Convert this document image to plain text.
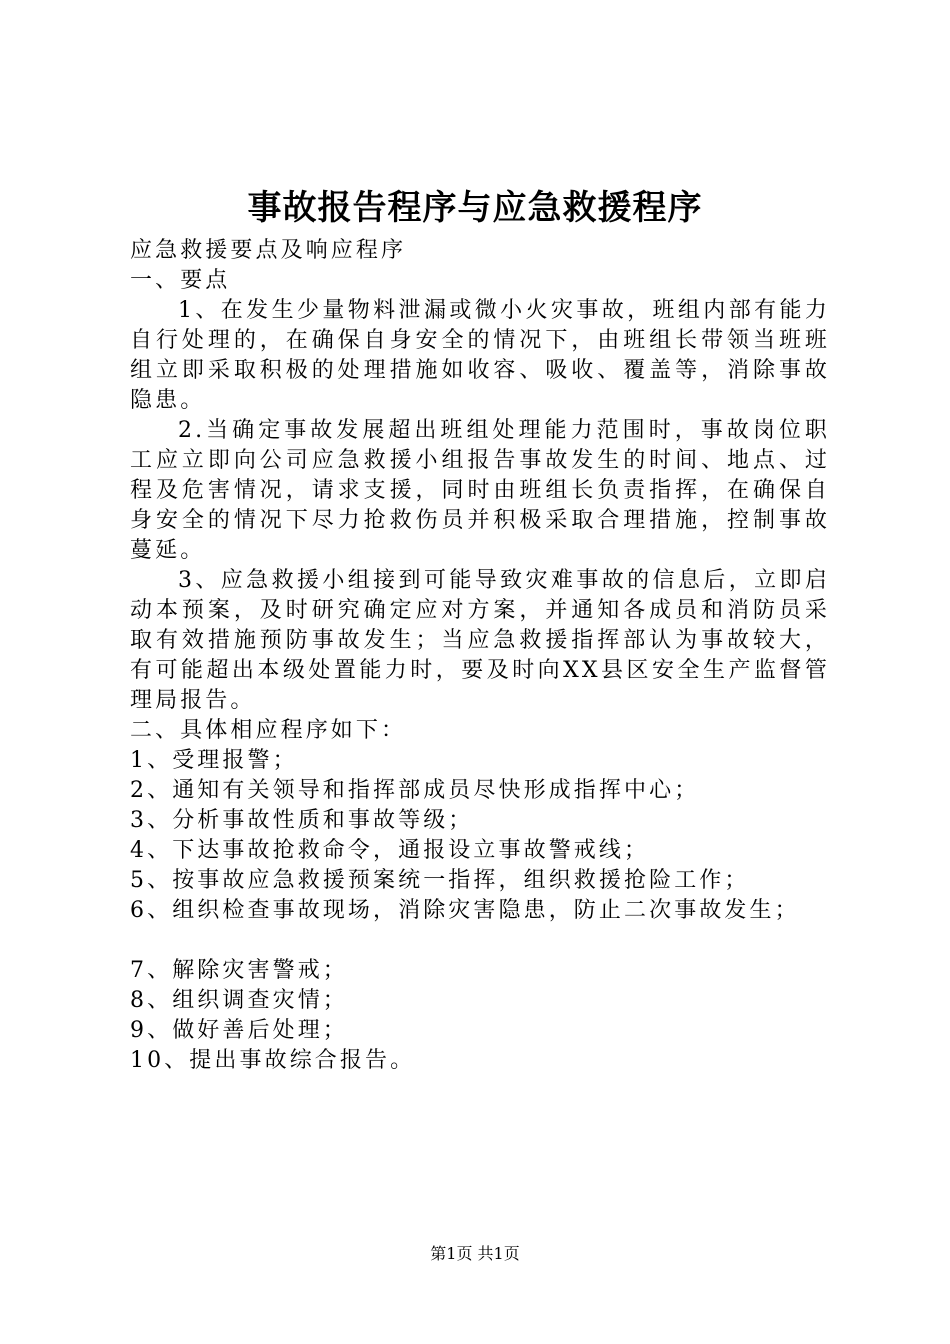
事故报告程序与应急救援程序

应急救援要点及响应程序

一、要点

1、在发生少量物料泄漏或微小火灾事故，班组内部有能力自行处理的，在确保自身安全的情况下，由班组长带领当班班组立即采取积极的处理措施如收容、吸收、覆盖等，消除事故隐患。

2.当确定事故发展超出班组处理能力范围时，事故岗位职工应立即向公司应急救援小组报告事故发生的时间、地点、过程及危害情况，请求支援，同时由班组长负责指挥，在确保自身安全的情况下尽力抢救伤员并积极采取合理措施，控制事故蔓延。

3、应急救援小组接到可能导致灾难事故的信息后，立即启动本预案，及时研究确定应对方案，并通知各成员和消防员采取有效措施预防事故发生；当应急救援指挥部认为事故较大，有可能超出本级处置能力时，要及时向XX县区安全生产监督管理局报告。

二、具体相应程序如下：

1、受理报警；

2、通知有关领导和指挥部成员尽快形成指挥中心；

3、分析事故性质和事故等级；

4、下达事故抢救命令，通报设立事故警戒线；

5、按事故应急救援预案统一指挥，组织救援抢险工作；

6、组织检查事故现场，消除灾害隐患，防止二次事故发生；

7、解除灾害警戒；

8、组织调查灾情；

9、做好善后处理；

10、提出事故综合报告。

第1页 共1页
